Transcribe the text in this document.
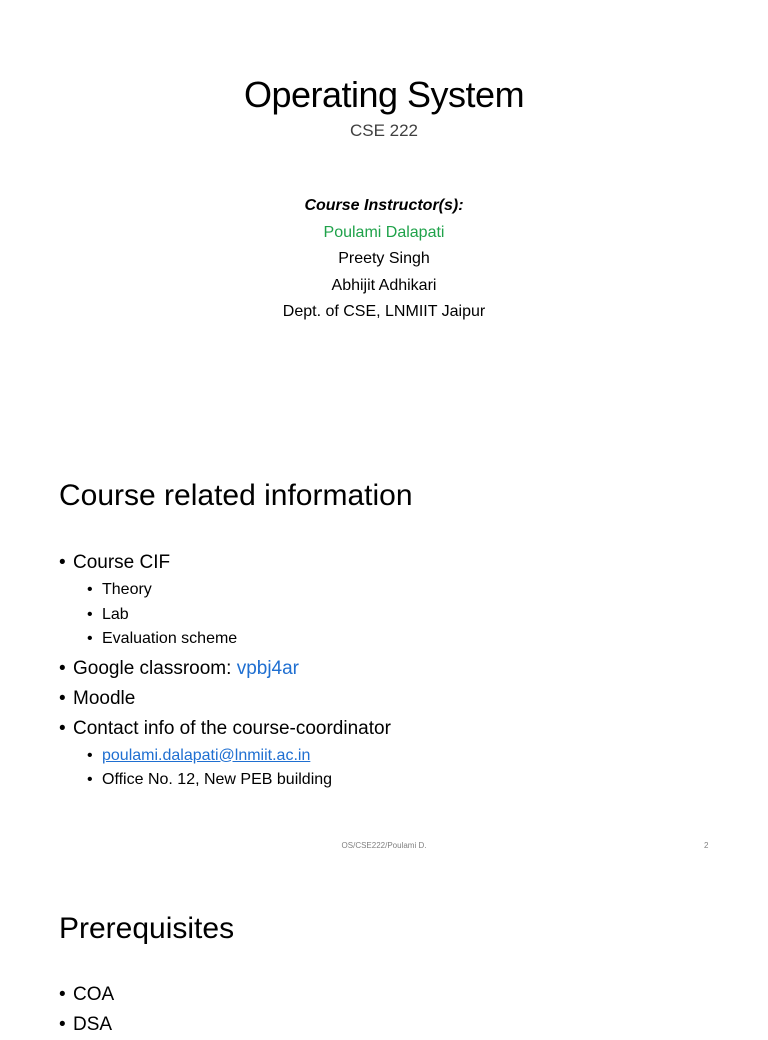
Operating System
CSE 222
Course Instructor(s):
Poulami Dalapati
Preety Singh
Abhijit Adhikari
Dept. of CSE, LNMIIT Jaipur
Course related information
• Course CIF
• Theory
• Lab
• Evaluation scheme
• Google classroom: vpbj4ar
• Moodle
• Contact info of the course-coordinator
• poulami.dalapati@lnmiit.ac.in
• Office No. 12, New PEB building
OS/CSE222/Poulami D.	2
Prerequisites
• COA
• DSA
